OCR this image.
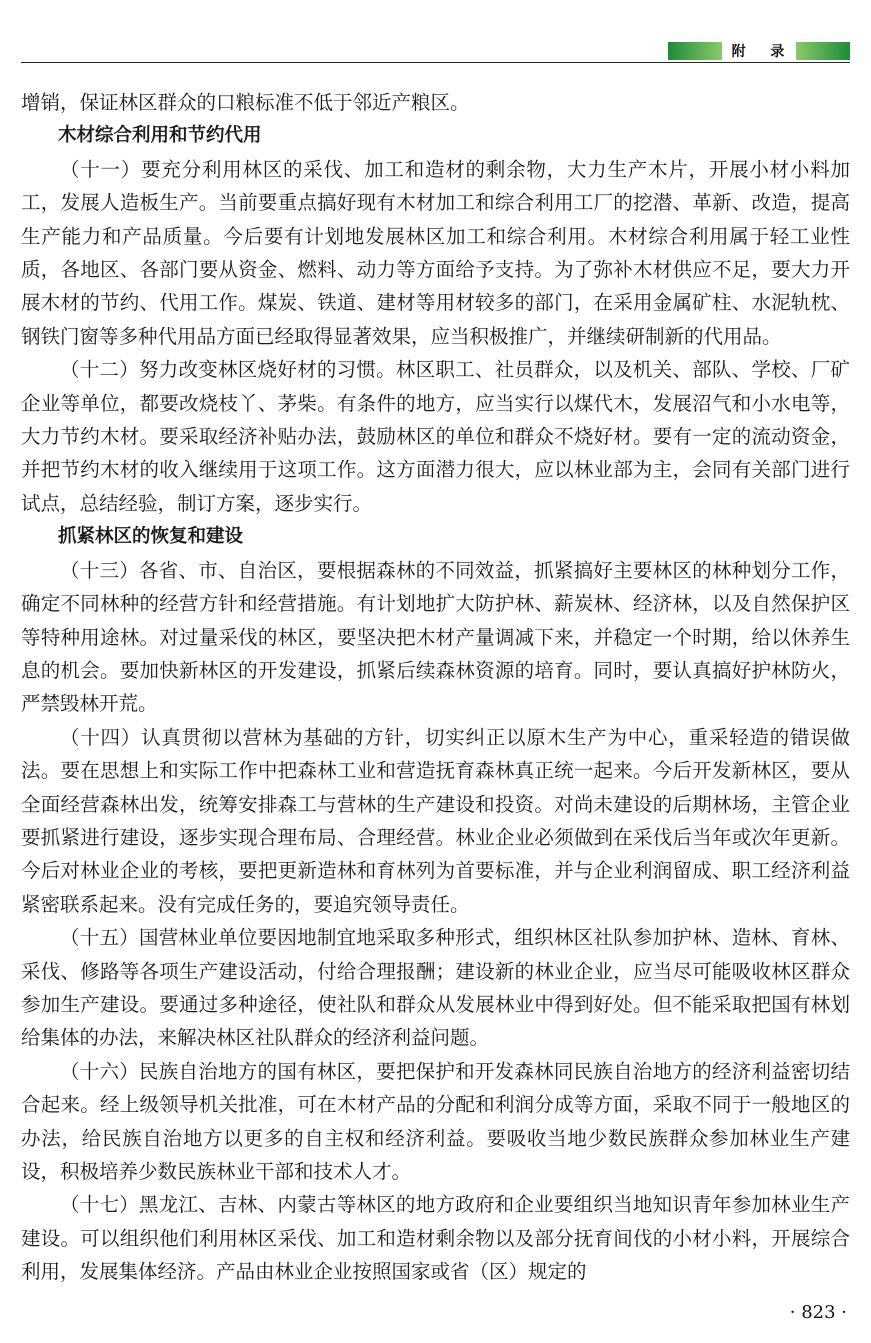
附 录

增销，保证林区群众的口粮标准不低于邻近产粮区。

木材综合利用和节约代用

（十一）要充分利用林区的采伐、加工和造材的剩余物，大力生产木片，开展小材小料加工，发展人造板生产。当前要重点搞好现有木材加工和综合利用工厂的挖潜、革新、改造，提高生产能力和产品质量。今后要有计划地发展林区加工和综合利用。木材综合利用属于轻工业性质，各地区、各部门要从资金、燃料、动力等方面给予支持。为了弥补木材供应不足，要大力开展木材的节约、代用工作。煤炭、铁道、建材等用材较多的部门，在采用金属矿柱、水泥轨枕、钢铁门窗等多种代用品方面已经取得显著效果，应当积极推广，并继续研制新的代用品。

（十二）努力改变林区烧好材的习惯。林区职工、社员群众，以及机关、部队、学校、厂矿企业等单位，都要改烧枝丫、茅柴。有条件的地方，应当实行以煤代木，发展沼气和小水电等，大力节约木材。要采取经济补贴办法，鼓励林区的单位和群众不烧好材。要有一定的流动资金，并把节约木材的收入继续用于这项工作。这方面潜力很大，应以林业部为主，会同有关部门进行试点，总结经验，制订方案，逐步实行。

抓紧林区的恢复和建设

（十三）各省、市、自治区，要根据森林的不同效益，抓紧搞好主要林区的林种划分工作，确定不同林种的经营方针和经营措施。有计划地扩大防护林、薪炭林、经济林，以及自然保护区等特种用途林。对过量采伐的林区，要坚决把木材产量调减下来，并稳定一个时期，给以休养生息的机会。要加快新林区的开发建设，抓紧后续森林资源的培育。同时，要认真搞好护林防火，严禁毁林开荒。

（十四）认真贯彻以营林为基础的方针，切实纠正以原木生产为中心，重采轻造的错误做法。要在思想上和实际工作中把森林工业和营造抚育森林真正统一起来。今后开发新林区，要从全面经营森林出发，统筹安排森工与营林的生产建设和投资。对尚未建设的后期林场，主管企业要抓紧进行建设，逐步实现合理布局、合理经营。林业企业必须做到在采伐后当年或次年更新。今后对林业企业的考核，要把更新造林和育林列为首要标准，并与企业利润留成、职工经济利益紧密联系起来。没有完成任务的，要追究领导责任。

（十五）国营林业单位要因地制宜地采取多种形式，组织林区社队参加护林、造林、育林、采伐、修路等各项生产建设活动，付给合理报酬；建设新的林业企业，应当尽可能吸收林区群众参加生产建设。要通过多种途径，使社队和群众从发展林业中得到好处。但不能采取把国有林划给集体的办法，来解决林区社队群众的经济利益问题。

（十六）民族自治地方的国有林区，要把保护和开发森林同民族自治地方的经济利益密切结合起来。经上级领导机关批准，可在木材产品的分配和利润分成等方面，采取不同于一般地区的办法，给民族自治地方以更多的自主权和经济利益。要吸收当地少数民族群众参加林业生产建设，积极培养少数民族林业干部和技术人才。

（十七）黑龙江、吉林、内蒙古等林区的地方政府和企业要组织当地知识青年参加林业生产建设。可以组织他们利用林区采伐、加工和造材剩余物以及部分抚育间伐的小材小料，开展综合利用，发展集体经济。产品由林业企业按照国家或省（区）规定的

· 823 ·
